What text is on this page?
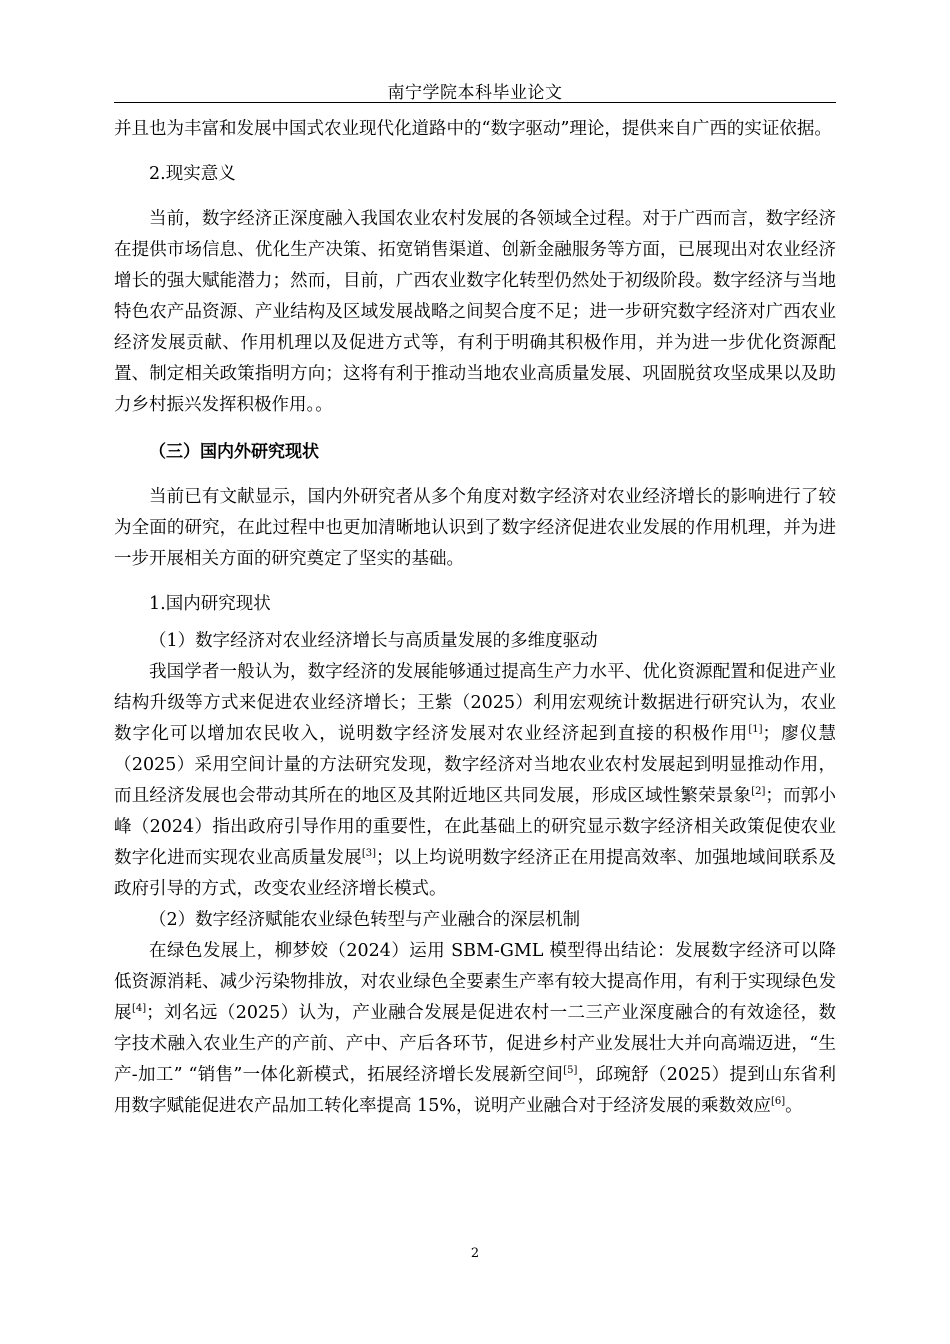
南宁学院本科毕业论文

并且也为丰富和发展中国式农业现代化道路中的“数字驱动”理论，提供来自广西的实证依据。

2.现实意义

当前，数字经济正深度融入我国农业农村发展的各领域全过程。对于广西而言，数字经济在提供市场信息、优化生产决策、拓宽销售渠道、创新金融服务等方面，已展现出对农业经济增长的强大赋能潜力；然而，目前，广西农业数字化转型仍然处于初级阶段。数字经济与当地特色农产品资源、产业结构及区域发展战略之间契合度不足；进一步研究数字经济对广西农业经济发展贡献、作用机理以及促进方式等，有利于明确其积极作用，并为进一步优化资源配置、制定相关政策指明方向；这将有利于推动当地农业高质量发展、巩固脱贫攻坚成果以及助力乡村振兴发挥积极作用。。

（三）国内外研究现状

当前已有文献显示，国内外研究者从多个角度对数字经济对农业经济增长的影响进行了较为全面的研究，在此过程中也更加清晰地认识到了数字经济促进农业发展的作用机理，并为进一步开展相关方面的研究奠定了坚实的基础。

1.国内研究现状

（1）数字经济对农业经济增长与高质量发展的多维度驱动

我国学者一般认为，数字经济的发展能够通过提高生产力水平、优化资源配置和促进产业结构升级等方式来促进农业经济增长；王紫（2025）利用宏观统计数据进行研究认为，农业数字化可以增加农民收入，说明数字经济发展对农业经济起到直接的积极作用[1]；廖仪慧（2025）采用空间计量的方法研究发现，数字经济对当地农业农村发展起到明显推动作用，而且经济发展也会带动其所在的地区及其附近地区共同发展，形成区域性繁荣景象[2]；而郭小峰（2024）指出政府引导作用的重要性，在此基础上的研究显示数字经济相关政策促使农业数字化进而实现农业高质量发展[3]；以上均说明数字经济正在用提高效率、加强地域间联系及政府引导的方式，改变农业经济增长模式。

（2）数字经济赋能农业绿色转型与产业融合的深层机制

在绿色发展上，柳梦姣（2024）运用 SBM-GML 模型得出结论：发展数字经济可以降低资源消耗、减少污染物排放，对农业绿色全要素生产率有较大提高作用，有利于实现绿色发展[4]；刘名远（2025）认为，产业融合发展是促进农村一二三产业深度融合的有效途径，数字技术融入农业生产的产前、产中、产后各环节，促进乡村产业发展壮大并向高端迈进，“生产-加工” “销售”一体化新模式，拓展经济增长发展新空间[5]，邱琬舒（2025）提到山东省利用数字赋能促进农产品加工转化率提高 15%，说明产业融合对于经济发展的乘数效应[6]。

2
